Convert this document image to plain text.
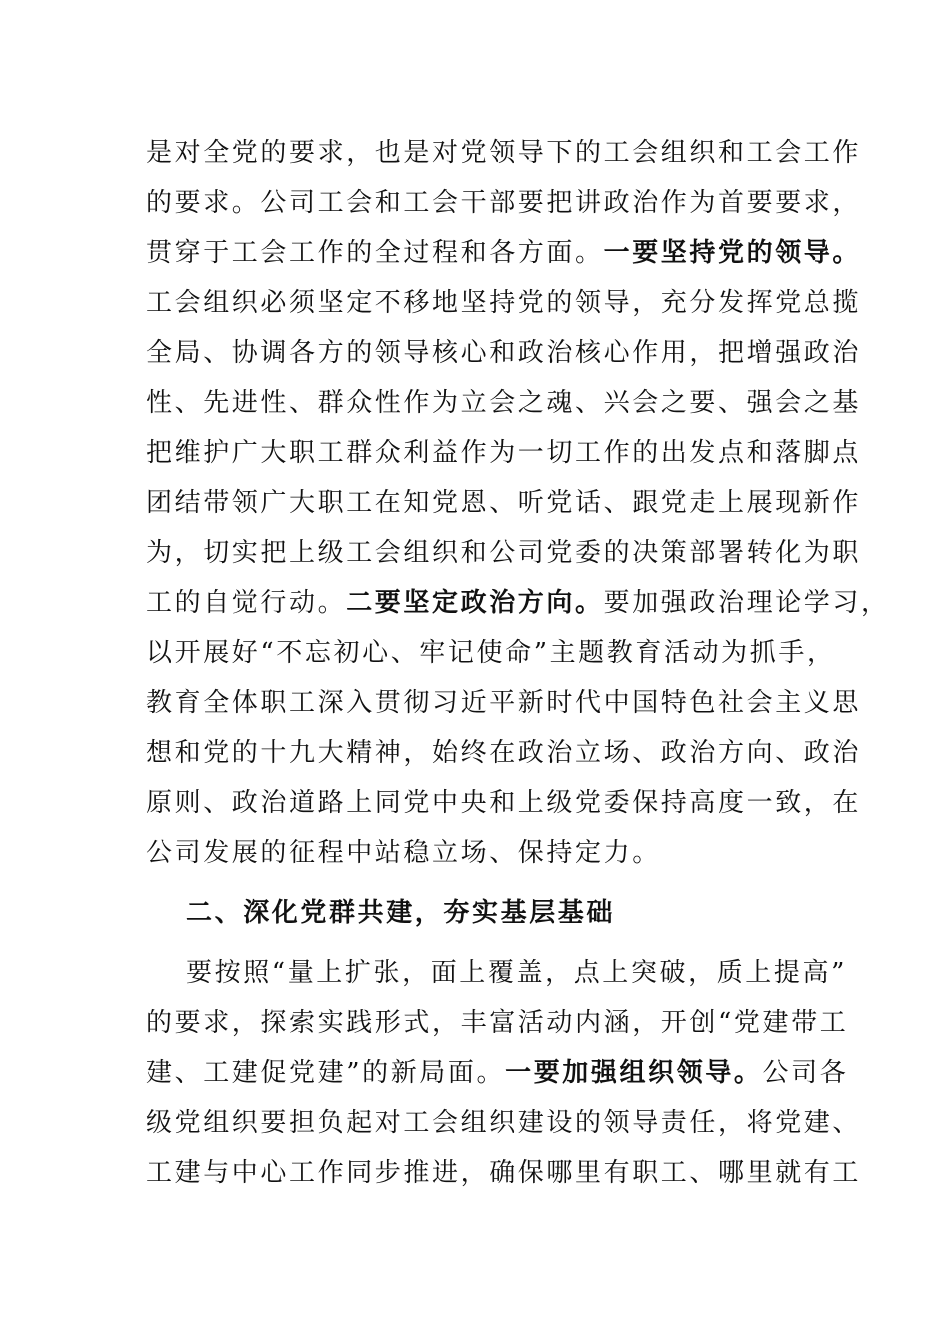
是对全党的要求，也是对党领导下的工会组织和工会工作
的要求。公司工会和工会干部要把讲政治作为首要要求，
贯穿于工会工作的全过程和各方面。一要坚持党的领导。
工会组织必须坚定不移地坚持党的领导，充分发挥党总揽
全局、协调各方的领导核心和政治核心作用，把增强政治
性、先进性、群众性作为立会之魂、兴会之要、强会之基
把维护广大职工群众利益作为一切工作的出发点和落脚点
团结带领广大职工在知党恩、听党话、跟党走上展现新作
为，切实把上级工会组织和公司党委的决策部署转化为职
工的自觉行动。二要坚定政治方向。要加强政治理论学习，
以开展好“不忘初心、牢记使命”主题教育活动为抓手，
教育全体职工深入贯彻习近平新时代中国特色社会主义思
想和党的十九大精神，始终在政治立场、政治方向、政治
原则、政治道路上同党中央和上级党委保持高度一致，在
公司发展的征程中站稳立场、保持定力。
二、深化党群共建，夯实基层基础
要按照“量上扩张，面上覆盖，点上突破，质上提高”
的要求，探索实践形式，丰富活动内涵，开创“党建带工
建、工建促党建”的新局面。一要加强组织领导。公司各
级党组织要担负起对工会组织建设的领导责任，将党建、
工建与中心工作同步推进，确保哪里有职工、哪里就有工
